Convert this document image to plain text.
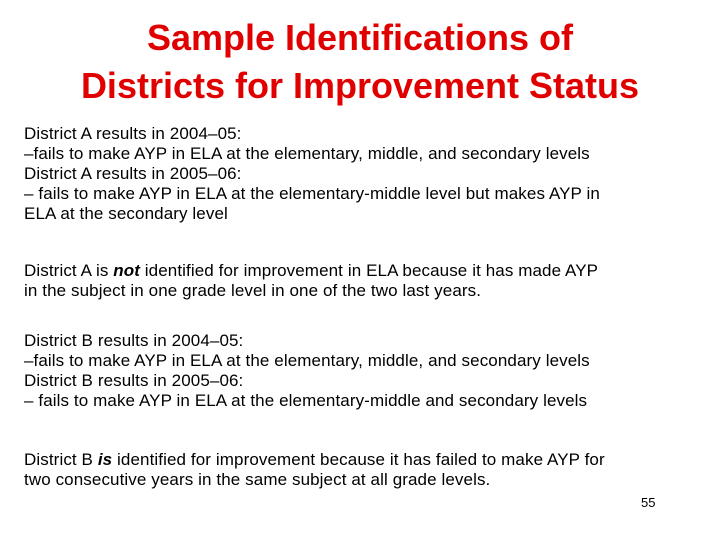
Sample Identifications of
Districts for Improvement Status
District A results in 2004–05:
–fails to make AYP in ELA at the elementary, middle, and secondary levels
District A results in 2005–06:
– fails to make AYP in ELA at the elementary-middle level but makes AYP in
ELA at the secondary level
District A is not identified for improvement in ELA because it has made AYP
in the subject in one grade level in one of the two last years.
District B results in 2004–05:
–fails to make AYP in ELA at the elementary, middle, and secondary levels
District B results in 2005–06:
– fails to make AYP in ELA at the elementary-middle and secondary levels
District B is identified for improvement because it has failed to make AYP for
two consecutive years in the same subject at all grade levels.
55
